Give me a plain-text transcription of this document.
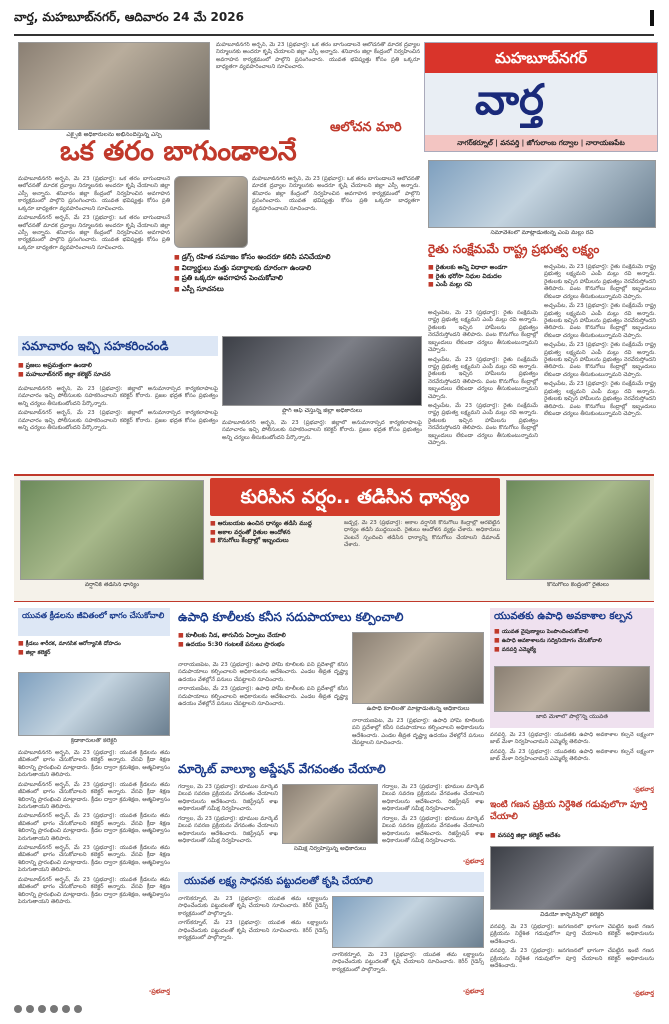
వార్త, మహబూబ్‌నగర్, ఆదివారం 24 మే 2026
ఎక్సైజ్ అధికారులను అభినందిస్తున్న ఎస్పీ

మహబూబ్‌నగర్ అర్బన్, మే 23 (ప్రభవార్త): ఒక తరం బాగుండాలనే ఆలోచనతో మాదక ద్రవ్యాల నిర్మూలనకు అందరూ కృషి చేయాలని జిల్లా ఎస్పీ అన్నారు. శనివారం జిల్లా కేంద్రంలో నిర్వహించిన అవగాహన కార్యక్రమంలో పాల్గొని ప్రసంగించారు. యువత భవిష్యత్తు కోసం ప్రతి ఒక్కరూ బాధ్యతగా వ్యవహరించాలని సూచించారు.

ఆలోచన మారి
మహబూబ్‌నగర్
వార్త
నాగర్‌కర్నూల్ | వనపర్తి | జోగులాంబ గద్వాల | నారాయణపేట
ఒక తరం బాగుండాలనే

మహబూబ్‌నగర్ అర్బన్, మే 23 (ప్రభవార్త): ఒక తరం బాగుండాలనే ఆలోచనతో మాదక ద్రవ్యాల నిర్మూలనకు అందరూ కృషి చేయాలని జిల్లా ఎస్పీ అన్నారు. శనివారం జిల్లా కేంద్రంలో నిర్వహించిన అవగాహన కార్యక్రమంలో పాల్గొని ప్రసంగించారు. యువత భవిష్యత్తు కోసం ప్రతి ఒక్కరూ బాధ్యతగా వ్యవహరించాలని సూచించారు.

మహబూబ్‌నగర్ అర్బన్, మే 23 (ప్రభవార్త): ఒక తరం బాగుండాలనే ఆలోచనతో మాదక ద్రవ్యాల నిర్మూలనకు అందరూ కృషి చేయాలని జిల్లా ఎస్పీ అన్నారు. శనివారం జిల్లా కేంద్రంలో నిర్వహించిన అవగాహన కార్యక్రమంలో పాల్గొని ప్రసంగించారు. యువత భవిష్యత్తు కోసం ప్రతి ఒక్కరూ బాధ్యతగా వ్యవహరించాలని సూచించారు.

మహబూబ్‌నగర్ అర్బన్, మే 23 (ప్రభవార్త): ఒక తరం బాగుండాలనే ఆలోచనతో మాదక ద్రవ్యాల నిర్మూలనకు అందరూ కృషి చేయాలని జిల్లా ఎస్పీ అన్నారు. శనివారం జిల్లా కేంద్రంలో నిర్వహించిన అవగాహన కార్యక్రమంలో పాల్గొని ప్రసంగించారు. యువత భవిష్యత్తు కోసం ప్రతి ఒక్కరూ బాధ్యతగా వ్యవహరించాలని సూచించారు.

■ డ్రగ్స్ రహిత సమాజం కోసం అందరూ కలిసి పనిచేయాలి
■ విద్యార్థులు మత్తు పదార్థాలకు దూరంగా ఉండాలి
■ ప్రతి ఒక్కరూ అవగాహన పెంచుకోవాలి
■ ఎస్పీ సూచనలు
సమావేశంలో మాట్లాడుతున్న ఎంపీ మల్లు రవి
రైతు సంక్షేమమే రాష్ట్ర ప్రభుత్వ లక్ష్యం
■ రైతులకు అన్ని విధాలా అండగా
■ రైతు భరోసా నిధుల విడుదల
■ ఎంపీ మల్లు రవి

అచ్చంపేట, మే 23 (ప్రభవార్త): రైతు సంక్షేమమే రాష్ట్ర ప్రభుత్వ లక్ష్యమని ఎంపీ మల్లు రవి అన్నారు. రైతులకు ఇచ్చిన హామీలను ప్రభుత్వం నెరవేరుస్తోందని తెలిపారు. పంట కొనుగోలు కేంద్రాల్లో ఇబ్బందులు లేకుండా చర్యలు తీసుకుంటున్నామని చెప్పారు.

అచ్చంపేట, మే 23 (ప్రభవార్త): రైతు సంక్షేమమే రాష్ట్ర ప్రభుత్వ లక్ష్యమని ఎంపీ మల్లు రవి అన్నారు. రైతులకు ఇచ్చిన హామీలను ప్రభుత్వం నెరవేరుస్తోందని తెలిపారు. పంట కొనుగోలు కేంద్రాల్లో ఇబ్బందులు లేకుండా చర్యలు తీసుకుంటున్నామని చెప్పారు.

అచ్చంపేట, మే 23 (ప్రభవార్త): రైతు సంక్షేమమే రాష్ట్ర ప్రభుత్వ లక్ష్యమని ఎంపీ మల్లు రవి అన్నారు. రైతులకు ఇచ్చిన హామీలను ప్రభుత్వం నెరవేరుస్తోందని తెలిపారు. పంట కొనుగోలు కేంద్రాల్లో ఇబ్బందులు లేకుండా చర్యలు తీసుకుంటున్నామని చెప్పారు.

అచ్చంపేట, మే 23 (ప్రభవార్త): రైతు సంక్షేమమే రాష్ట్ర ప్రభుత్వ లక్ష్యమని ఎంపీ మల్లు రవి అన్నారు. రైతులకు ఇచ్చిన హామీలను ప్రభుత్వం నెరవేరుస్తోందని తెలిపారు. పంట కొనుగోలు కేంద్రాల్లో ఇబ్బందులు లేకుండా చర్యలు తీసుకుంటున్నామని చెప్పారు.

అచ్చంపేట, మే 23 (ప్రభవార్త): రైతు సంక్షేమమే రాష్ట్ర ప్రభుత్వ లక్ష్యమని ఎంపీ మల్లు రవి అన్నారు. రైతులకు ఇచ్చిన హామీలను ప్రభుత్వం నెరవేరుస్తోందని తెలిపారు. పంట కొనుగోలు కేంద్రాల్లో ఇబ్బందులు లేకుండా చర్యలు తీసుకుంటున్నామని చెప్పారు.

అచ్చంపేట, మే 23 (ప్రభవార్త): రైతు సంక్షేమమే రాష్ట్ర ప్రభుత్వ లక్ష్యమని ఎంపీ మల్లు రవి అన్నారు. రైతులకు ఇచ్చిన హామీలను ప్రభుత్వం నెరవేరుస్తోందని తెలిపారు. పంట కొనుగోలు కేంద్రాల్లో ఇబ్బందులు లేకుండా చర్యలు తీసుకుంటున్నామని చెప్పారు.

అచ్చంపేట, మే 23 (ప్రభవార్త): రైతు సంక్షేమమే రాష్ట్ర ప్రభుత్వ లక్ష్యమని ఎంపీ మల్లు రవి అన్నారు. రైతులకు ఇచ్చిన హామీలను ప్రభుత్వం నెరవేరుస్తోందని తెలిపారు. పంట కొనుగోలు కేంద్రాల్లో ఇబ్బందులు లేకుండా చర్యలు తీసుకుంటున్నామని చెప్పారు.

సమాచారం ఇచ్చి సహకరించండి
■ ప్రజలు అప్రమత్తంగా ఉండాలి
■ మహబూబ్‌నగర్ జిల్లా కలెక్టర్ సూచన

మహబూబ్‌నగర్ అర్బన్, మే 23 (ప్రభవార్త): జిల్లాలో అనుమానాస్పద కార్యకలాపాలపై సమాచారం ఇచ్చి పోలీసులకు సహకరించాలని కలెక్టర్ కోరారు. ప్రజల భద్రత కోసం ప్రభుత్వం అన్ని చర్యలు తీసుకుంటోందని పేర్కొన్నారు.

మహబూబ్‌నగర్ అర్బన్, మే 23 (ప్రభవార్త): జిల్లాలో అనుమానాస్పద కార్యకలాపాలపై సమాచారం ఇచ్చి పోలీసులకు సహకరించాలని కలెక్టర్ కోరారు. ప్రజల భద్రత కోసం ప్రభుత్వం అన్ని చర్యలు తీసుకుంటోందని పేర్కొన్నారు.

ఫ్లాగ్ ఆఫ్ చేస్తున్న జిల్లా అధికారులు

మహబూబ్‌నగర్ అర్బన్, మే 23 (ప్రభవార్త): జిల్లాలో అనుమానాస్పద కార్యకలాపాలపై సమాచారం ఇచ్చి పోలీసులకు సహకరించాలని కలెక్టర్ కోరారు. ప్రజల భద్రత కోసం ప్రభుత్వం అన్ని చర్యలు తీసుకుంటోందని పేర్కొన్నారు.

వర్షానికి తడిసిన ధాన్యం
కురిసిన వర్షం.. తడిసిన ధాన్యం
■ ఆరుబయట ఉంచిన ధాన్యం తడిసి ముద్ద
■ అకాల వర్షంతో రైతుల ఆందోళన
■ కొనుగోలు కేంద్రాల్లో ఇబ్బందులు

జడ్చర్ల, మే 23 (ప్రభవార్త): అకాల వర్షానికి కొనుగోలు కేంద్రాల్లో ఆరబెట్టిన ధాన్యం తడిసి ముద్దయింది. రైతులు ఆందోళన వ్యక్తం చేశారు. అధికారులు వెంటనే స్పందించి తడిసిన ధాన్యాన్ని కొనుగోలు చేయాలని డిమాండ్ చేశారు.

కొనుగోలు కేంద్రంలో రైతులు
యువత క్రీడలను జీవితంలో భాగం చేసుకోవాలి
■ క్రీడలు శారీరక, మానసిక ఆరోగ్యానికి దోహదం
■ జిల్లా కలెక్టర్
క్రీడాకారులతో కలెక్టర్

మహబూబ్‌నగర్ అర్బన్, మే 23 (ప్రభవార్త): యువత క్రీడలను తమ జీవితంలో భాగం చేసుకోవాలని కలెక్టర్ అన్నారు. వేసవి క్రీడా శిక్షణ శిబిరాన్ని ప్రారంభించి మాట్లాడారు. క్రీడల ద్వారా క్రమశిక్షణ, ఆత్మవిశ్వాసం పెరుగుతాయని తెలిపారు.

మహబూబ్‌నగర్ అర్బన్, మే 23 (ప్రభవార్త): యువత క్రీడలను తమ జీవితంలో భాగం చేసుకోవాలని కలెక్టర్ అన్నారు. వేసవి క్రీడా శిక్షణ శిబిరాన్ని ప్రారంభించి మాట్లాడారు. క్రీడల ద్వారా క్రమశిక్షణ, ఆత్మవిశ్వాసం పెరుగుతాయని తెలిపారు.

మహబూబ్‌నగర్ అర్బన్, మే 23 (ప్రభవార్త): యువత క్రీడలను తమ జీవితంలో భాగం చేసుకోవాలని కలెక్టర్ అన్నారు. వేసవి క్రీడా శిక్షణ శిబిరాన్ని ప్రారంభించి మాట్లాడారు. క్రీడల ద్వారా క్రమశిక్షణ, ఆత్మవిశ్వాసం పెరుగుతాయని తెలిపారు.

మహబూబ్‌నగర్ అర్బన్, మే 23 (ప్రభవార్త): యువత క్రీడలను తమ జీవితంలో భాగం చేసుకోవాలని కలెక్టర్ అన్నారు. వేసవి క్రీడా శిక్షణ శిబిరాన్ని ప్రారంభించి మాట్లాడారు. క్రీడల ద్వారా క్రమశిక్షణ, ఆత్మవిశ్వాసం పెరుగుతాయని తెలిపారు.

మహబూబ్‌నగర్ అర్బన్, మే 23 (ప్రభవార్త): యువత క్రీడలను తమ జీవితంలో భాగం చేసుకోవాలని కలెక్టర్ అన్నారు. వేసవి క్రీడా శిక్షణ శిబిరాన్ని ప్రారంభించి మాట్లాడారు. క్రీడల ద్వారా క్రమశిక్షణ, ఆత్మవిశ్వాసం పెరుగుతాయని తెలిపారు.

-ప్రభవార్త
ఉపాధి కూలీలకు కనీస సదుపాయాలు కల్పించాలి
■ కూలీలకు నీడ, తాగునీరు ఏర్పాటు చేయాలి
■ ఉదయం 5:30 గంటలకే పనులు ప్రారంభం

నారాయణపేట, మే 23 (ప్రభవార్త): ఉపాధి హామీ కూలీలకు పని ప్రదేశాల్లో కనీస సదుపాయాలు కల్పించాలని అధికారులను ఆదేశించారు. ఎండల తీవ్రత దృష్ట్యా ఉదయం వేళల్లోనే పనులు చేపట్టాలని సూచించారు.

నారాయణపేట, మే 23 (ప్రభవార్త): ఉపాధి హామీ కూలీలకు పని ప్రదేశాల్లో కనీస సదుపాయాలు కల్పించాలని అధికారులను ఆదేశించారు. ఎండల తీవ్రత దృష్ట్యా ఉదయం వేళల్లోనే పనులు చేపట్టాలని సూచించారు.

ఉపాధి కూలీలతో మాట్లాడుతున్న అధికారులు

నారాయణపేట, మే 23 (ప్రభవార్త): ఉపాధి హామీ కూలీలకు పని ప్రదేశాల్లో కనీస సదుపాయాలు కల్పించాలని అధికారులను ఆదేశించారు. ఎండల తీవ్రత దృష్ట్యా ఉదయం వేళల్లోనే పనులు చేపట్టాలని సూచించారు.

మార్కెట్ వాల్యూ అప్డేషన్ వేగవంతం చేయాలి

గద్వాల, మే 23 (ప్రభవార్త): భూముల మార్కెట్ విలువ సవరణ ప్రక్రియను వేగవంతం చేయాలని అధికారులను ఆదేశించారు. రిజిస్ట్రేషన్ శాఖ అధికారులతో సమీక్ష నిర్వహించారు.

గద్వాల, మే 23 (ప్రభవార్త): భూముల మార్కెట్ విలువ సవరణ ప్రక్రియను వేగవంతం చేయాలని అధికారులను ఆదేశించారు. రిజిస్ట్రేషన్ శాఖ అధికారులతో సమీక్ష నిర్వహించారు.

సమీక్ష నిర్వహిస్తున్న అధికారులు

గద్వాల, మే 23 (ప్రభవార్త): భూముల మార్కెట్ విలువ సవరణ ప్రక్రియను వేగవంతం చేయాలని అధికారులను ఆదేశించారు. రిజిస్ట్రేషన్ శాఖ అధికారులతో సమీక్ష నిర్వహించారు.

గద్వాల, మే 23 (ప్రభవార్త): భూముల మార్కెట్ విలువ సవరణ ప్రక్రియను వేగవంతం చేయాలని అధికారులను ఆదేశించారు. రిజిస్ట్రేషన్ శాఖ అధికారులతో సమీక్ష నిర్వహించారు.

-ప్రభవార్త
యువత లక్ష్య సాధనకు పట్టుదలతో కృషి చేయాలి

నాగర్‌కర్నూల్, మే 23 (ప్రభవార్త): యువత తమ లక్ష్యాలను సాధించేందుకు పట్టుదలతో కృషి చేయాలని సూచించారు. కెరీర్ గైడెన్స్ కార్యక్రమంలో పాల్గొన్నారు.

నాగర్‌కర్నూల్, మే 23 (ప్రభవార్త): యువత తమ లక్ష్యాలను సాధించేందుకు పట్టుదలతో కృషి చేయాలని సూచించారు. కెరీర్ గైడెన్స్ కార్యక్రమంలో పాల్గొన్నారు.

నాగర్‌కర్నూల్, మే 23 (ప్రభవార్త): యువత తమ లక్ష్యాలను సాధించేందుకు పట్టుదలతో కృషి చేయాలని సూచించారు. కెరీర్ గైడెన్స్ కార్యక్రమంలో పాల్గొన్నారు.

-ప్రభవార్త
యువతకు ఉపాధి అవకాశాల కల్పన
■ యువత నైపుణ్యాలు పెంపొందించుకోవాలి
■ ఉపాధి అవకాశాలను సద్వినియోగం చేసుకోవాలి
■ వనపర్తి ఎమ్మెల్యే
జాబ్ మేళాలో పాల్గొన్న యువత

వనపర్తి, మే 23 (ప్రభవార్త): యువతకు ఉపాధి అవకాశాల కల్పనే లక్ష్యంగా జాబ్ మేళా నిర్వహించామని ఎమ్మెల్యే తెలిపారు.

వనపర్తి, మే 23 (ప్రభవార్త): యువతకు ఉపాధి అవకాశాల కల్పనే లక్ష్యంగా జాబ్ మేళా నిర్వహించామని ఎమ్మెల్యే తెలిపారు.

-ప్రభవార్త
ఇంటి గణన ప్రక్రియ నిర్దేశిత గడువులోగా పూర్తి చేయాలి
■ వనపర్తి జిల్లా కలెక్టర్ ఆదేశం
వీడియో కాన్ఫరెన్స్‌లో కలెక్టర్

వనపర్తి, మే 23 (ప్రభవార్త): జనగణనలో భాగంగా చేపట్టిన ఇంటి గణన ప్రక్రియను నిర్దేశిత గడువులోగా పూర్తి చేయాలని కలెక్టర్ అధికారులను ఆదేశించారు.

వనపర్తి, మే 23 (ప్రభవార్త): జనగణనలో భాగంగా చేపట్టిన ఇంటి గణన ప్రక్రియను నిర్దేశిత గడువులోగా పూర్తి చేయాలని కలెక్టర్ అధికారులను ఆదేశించారు.

-ప్రభవార్త
